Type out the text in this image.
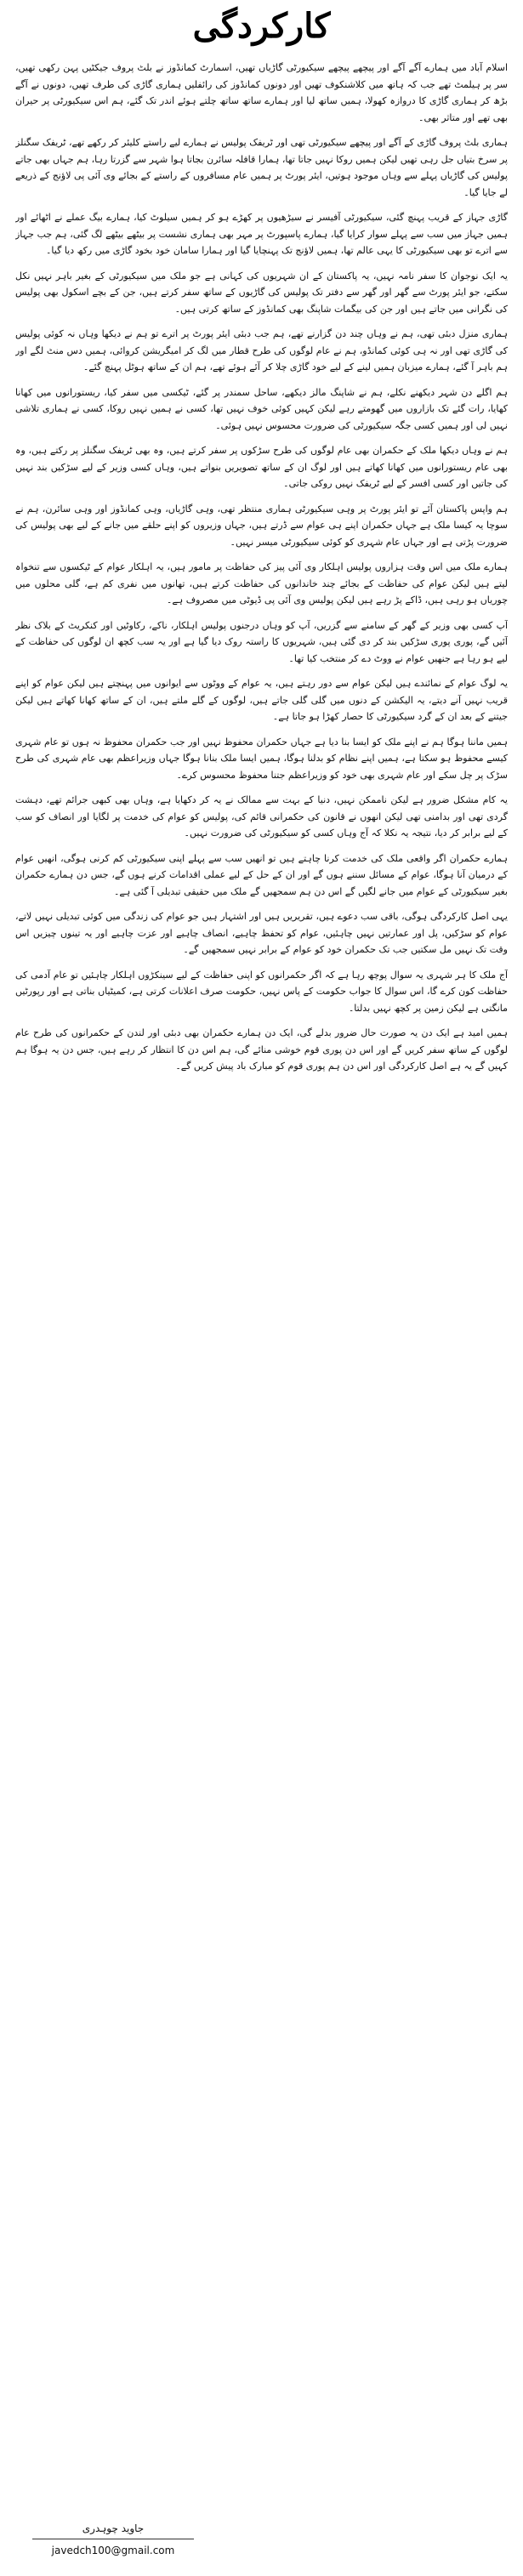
کارکردگی

اسلام آباد میں ہمارے آگے آگے اور پیچھے پیچھے سیکیورٹی گاڑیاں تھیں، اسمارٹ کمانڈوز نے بلٹ پروف جیکٹیں پہن رکھی تھیں، سر پر ہیلمٹ تھے جب کہ ہاتھ میں کلاشنکوف تھیں اور دونوں کمانڈوز کی رائفلیں ہماری گاڑی کی طرف تھیں، دونوں نے آگے بڑھ کر ہماری گاڑی کا دروازہ کھولا، ہمیں ساتھ لیا اور ہمارے ساتھ ساتھ چلتے ہوئے اندر تک گئے، ہم اس سیکیورٹی پر حیران بھی تھے اور متاثر بھی۔

ہماری بلٹ پروف گاڑی کے آگے اور پیچھے سیکیورٹی تھی اور ٹریفک پولیس نے ہمارے لیے راستے کلیئر کر رکھے تھے، ٹریفک سگنلز پر سرخ بتیاں جل رہی تھیں لیکن ہمیں روکا نہیں جاتا تھا، ہمارا قافلہ سائرن بجاتا ہوا شہر سے گزرتا رہا، ہم جہاں بھی جاتے پولیس کی گاڑیاں پہلے سے وہاں موجود ہوتیں، ایئر پورٹ پر ہمیں عام مسافروں کے راستے کے بجائے وی آئی پی لاؤنج کے ذریعے لے جایا گیا۔

گاڑی جہاز کے قریب پہنچ گئی، سیکیورٹی آفیسر نے سیڑھیوں پر کھڑے ہو کر ہمیں سیلوٹ کیا، ہمارے بیگ عملے نے اٹھائے اور ہمیں جہاز میں سب سے پہلے سوار کرایا گیا، ہمارے پاسپورٹ پر مہر بھی ہماری نشست پر بیٹھے بیٹھے لگ گئی، ہم جب جہاز سے اترے تو بھی سیکیورٹی کا یہی عالم تھا، ہمیں لاؤنج تک پہنچایا گیا اور ہمارا سامان خود بخود گاڑی میں رکھ دیا گیا۔

یہ ایک نوجوان کا سفر نامہ نہیں، یہ پاکستان کے ان شہریوں کی کہانی ہے جو ملک میں سیکیورٹی کے بغیر باہر نہیں نکل سکتے، جو ایئر پورٹ سے گھر اور گھر سے دفتر تک پولیس کی گاڑیوں کے ساتھ سفر کرتے ہیں، جن کے بچے اسکول بھی پولیس کی نگرانی میں جاتے ہیں اور جن کی بیگمات شاپنگ بھی کمانڈوز کے ساتھ کرتی ہیں۔

ہماری منزل دبئی تھی، ہم نے وہاں چند دن گزارنے تھے، ہم جب دبئی ایئر پورٹ پر اترے تو ہم نے دیکھا وہاں نہ کوئی پولیس کی گاڑی تھی اور نہ ہی کوئی کمانڈو، ہم نے عام لوگوں کی طرح قطار میں لگ کر امیگریشن کروائی، ہمیں دس منٹ لگے اور ہم باہر آ گئے، ہمارے میزبان ہمیں لینے کے لیے خود گاڑی چلا کر آئے ہوئے تھے، ہم ان کے ساتھ ہوٹل پہنچ گئے۔

ہم اگلے دن شہر دیکھنے نکلے، ہم نے شاپنگ مالز دیکھے، ساحل سمندر پر گئے، ٹیکسی میں سفر کیا، ریستورانوں میں کھانا کھایا، رات گئے تک بازاروں میں گھومتے رہے لیکن کہیں کوئی خوف نہیں تھا، کسی نے ہمیں نہیں روکا، کسی نے ہماری تلاشی نہیں لی اور ہمیں کسی جگہ سیکیورٹی کی ضرورت محسوس نہیں ہوئی۔

ہم نے وہاں دیکھا ملک کے حکمران بھی عام لوگوں کی طرح سڑکوں پر سفر کرتے ہیں، وہ بھی ٹریفک سگنلز پر رکتے ہیں، وہ بھی عام ریستورانوں میں کھانا کھاتے ہیں اور لوگ ان کے ساتھ تصویریں بنواتے ہیں، وہاں کسی وزیر کے لیے سڑکیں بند نہیں کی جاتیں اور کسی افسر کے لیے ٹریفک نہیں روکی جاتی۔

ہم واپس پاکستان آئے تو ایئر پورٹ پر وہی سیکیورٹی ہماری منتظر تھی، وہی گاڑیاں، وہی کمانڈوز اور وہی سائرن، ہم نے سوچا یہ کیسا ملک ہے جہاں حکمران اپنے ہی عوام سے ڈرتے ہیں، جہاں وزیروں کو اپنے حلقے میں جانے کے لیے بھی پولیس کی ضرورت پڑتی ہے اور جہاں عام شہری کو کوئی سیکیورٹی میسر نہیں۔

ہمارے ملک میں اس وقت ہزاروں پولیس اہلکار وی آئی پیز کی حفاظت پر مامور ہیں، یہ اہلکار عوام کے ٹیکسوں سے تنخواہ لیتے ہیں لیکن عوام کی حفاظت کے بجائے چند خاندانوں کی حفاظت کرتے ہیں، تھانوں میں نفری کم ہے، گلی محلوں میں چوریاں ہو رہی ہیں، ڈاکے پڑ رہے ہیں لیکن پولیس وی آئی پی ڈیوٹی میں مصروف ہے۔

آپ کسی بھی وزیر کے گھر کے سامنے سے گزریں، آپ کو وہاں درجنوں پولیس اہلکار، ناکے، رکاوٹیں اور کنکریٹ کے بلاک نظر آئیں گے، پوری پوری سڑکیں بند کر دی گئی ہیں، شہریوں کا راستہ روک دیا گیا ہے اور یہ سب کچھ ان لوگوں کی حفاظت کے لیے ہو رہا ہے جنھیں عوام نے ووٹ دے کر منتخب کیا تھا۔

یہ لوگ عوام کے نمائندے ہیں لیکن عوام سے دور رہتے ہیں، یہ عوام کے ووٹوں سے ایوانوں میں پہنچتے ہیں لیکن عوام کو اپنے قریب نہیں آنے دیتے، یہ الیکشن کے دنوں میں گلی گلی جاتے ہیں، لوگوں کے گلے ملتے ہیں، ان کے ساتھ کھانا کھاتے ہیں لیکن جیتنے کے بعد ان کے گرد سیکیورٹی کا حصار کھڑا ہو جاتا ہے۔

ہمیں ماننا ہوگا ہم نے اپنے ملک کو ایسا بنا دیا ہے جہاں حکمران محفوظ نہیں اور جب حکمران محفوظ نہ ہوں تو عام شہری کیسے محفوظ ہو سکتا ہے، ہمیں اپنے نظام کو بدلنا ہوگا، ہمیں ایسا ملک بنانا ہوگا جہاں وزیراعظم بھی عام شہری کی طرح سڑک پر چل سکے اور عام شہری بھی خود کو وزیراعظم جتنا محفوظ محسوس کرے۔

یہ کام مشکل ضرور ہے لیکن ناممکن نہیں، دنیا کے بہت سے ممالک نے یہ کر دکھایا ہے، وہاں بھی کبھی جرائم تھے، دہشت گردی تھی اور بدامنی تھی لیکن انھوں نے قانون کی حکمرانی قائم کی، پولیس کو عوام کی خدمت پر لگایا اور انصاف کو سب کے لیے برابر کر دیا، نتیجہ یہ نکلا کہ آج وہاں کسی کو سیکیورٹی کی ضرورت نہیں۔

ہمارے حکمران اگر واقعی ملک کی خدمت کرنا چاہتے ہیں تو انھیں سب سے پہلے اپنی سیکیورٹی کم کرنی ہوگی، انھیں عوام کے درمیان آنا ہوگا، عوام کے مسائل سننے ہوں گے اور ان کے حل کے لیے عملی اقدامات کرنے ہوں گے، جس دن ہمارے حکمران بغیر سیکیورٹی کے عوام میں جانے لگیں گے اس دن ہم سمجھیں گے ملک میں حقیقی تبدیلی آ گئی ہے۔

یہی اصل کارکردگی ہوگی، باقی سب دعوے ہیں، تقریریں ہیں اور اشتہار ہیں جو عوام کی زندگی میں کوئی تبدیلی نہیں لاتے، عوام کو سڑکیں، پل اور عمارتیں نہیں چاہئیں، عوام کو تحفظ چاہیے، انصاف چاہیے اور عزت چاہیے اور یہ تینوں چیزیں اس وقت تک نہیں مل سکتیں جب تک حکمران خود کو عوام کے برابر نہیں سمجھیں گے۔

آج ملک کا ہر شہری یہ سوال پوچھ رہا ہے کہ اگر حکمرانوں کو اپنی حفاظت کے لیے سینکڑوں اہلکار چاہئیں تو عام آدمی کی حفاظت کون کرے گا، اس سوال کا جواب حکومت کے پاس نہیں، حکومت صرف اعلانات کرتی ہے، کمیٹیاں بناتی ہے اور رپورٹیں مانگتی ہے لیکن زمین پر کچھ نہیں بدلتا۔

ہمیں امید ہے ایک دن یہ صورت حال ضرور بدلے گی، ایک دن ہمارے حکمران بھی دبئی اور لندن کے حکمرانوں کی طرح عام لوگوں کے ساتھ سفر کریں گے اور اس دن پوری قوم خوشی منائے گی، ہم اس دن کا انتظار کر رہے ہیں، جس دن یہ ہوگا ہم کہیں گے یہ ہے اصل کارکردگی اور اس دن ہم پوری قوم کو مبارک باد پیش کریں گے۔

جاوید چوہدری
javedch100@gmail.com
